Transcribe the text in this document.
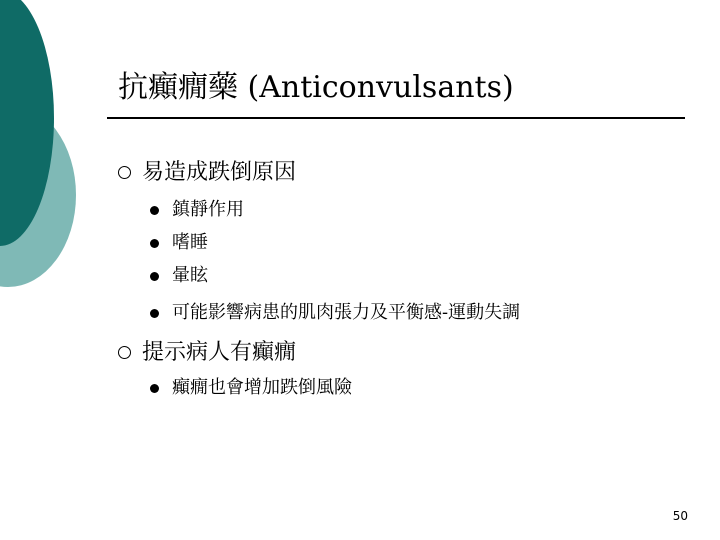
抗癲癇藥 (Anticonvulsants)
易造成跌倒原因
鎮靜作用
嗜睡
暈眩
可能影響病患的肌肉張力及平衡感-運動失調
提示病人有癲癇
癲癇也會增加跌倒風險
50
